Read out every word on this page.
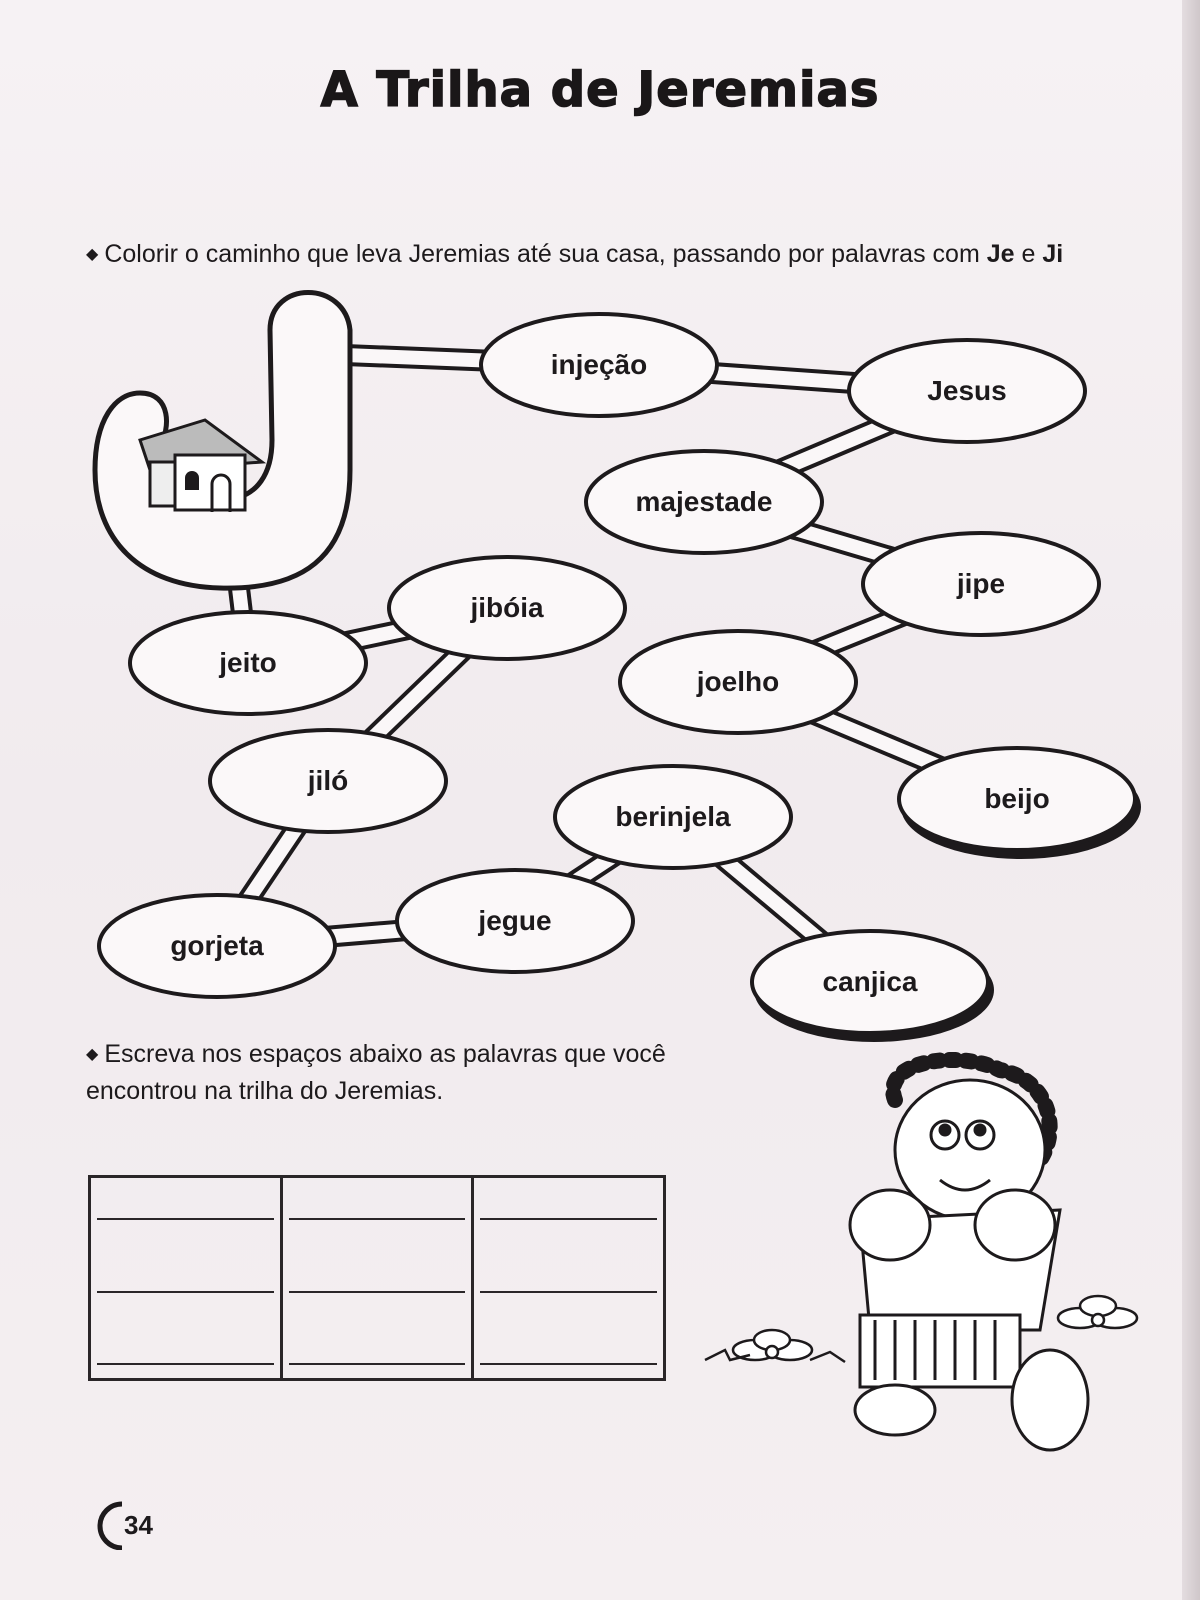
A Trilha de Jeremias
◆ Colorir o caminho que leva Jeremias até sua casa, passando por palavras com Je e Ji
injeção
Jesus
majestade
jipe
jibóia
jeito
joelho
beijo
jiló
berinjela
jegue
gorjeta
canjica
◆ Escreva nos espaços abaixo as palavras que você
encontrou na trilha do Jeremias.
34
